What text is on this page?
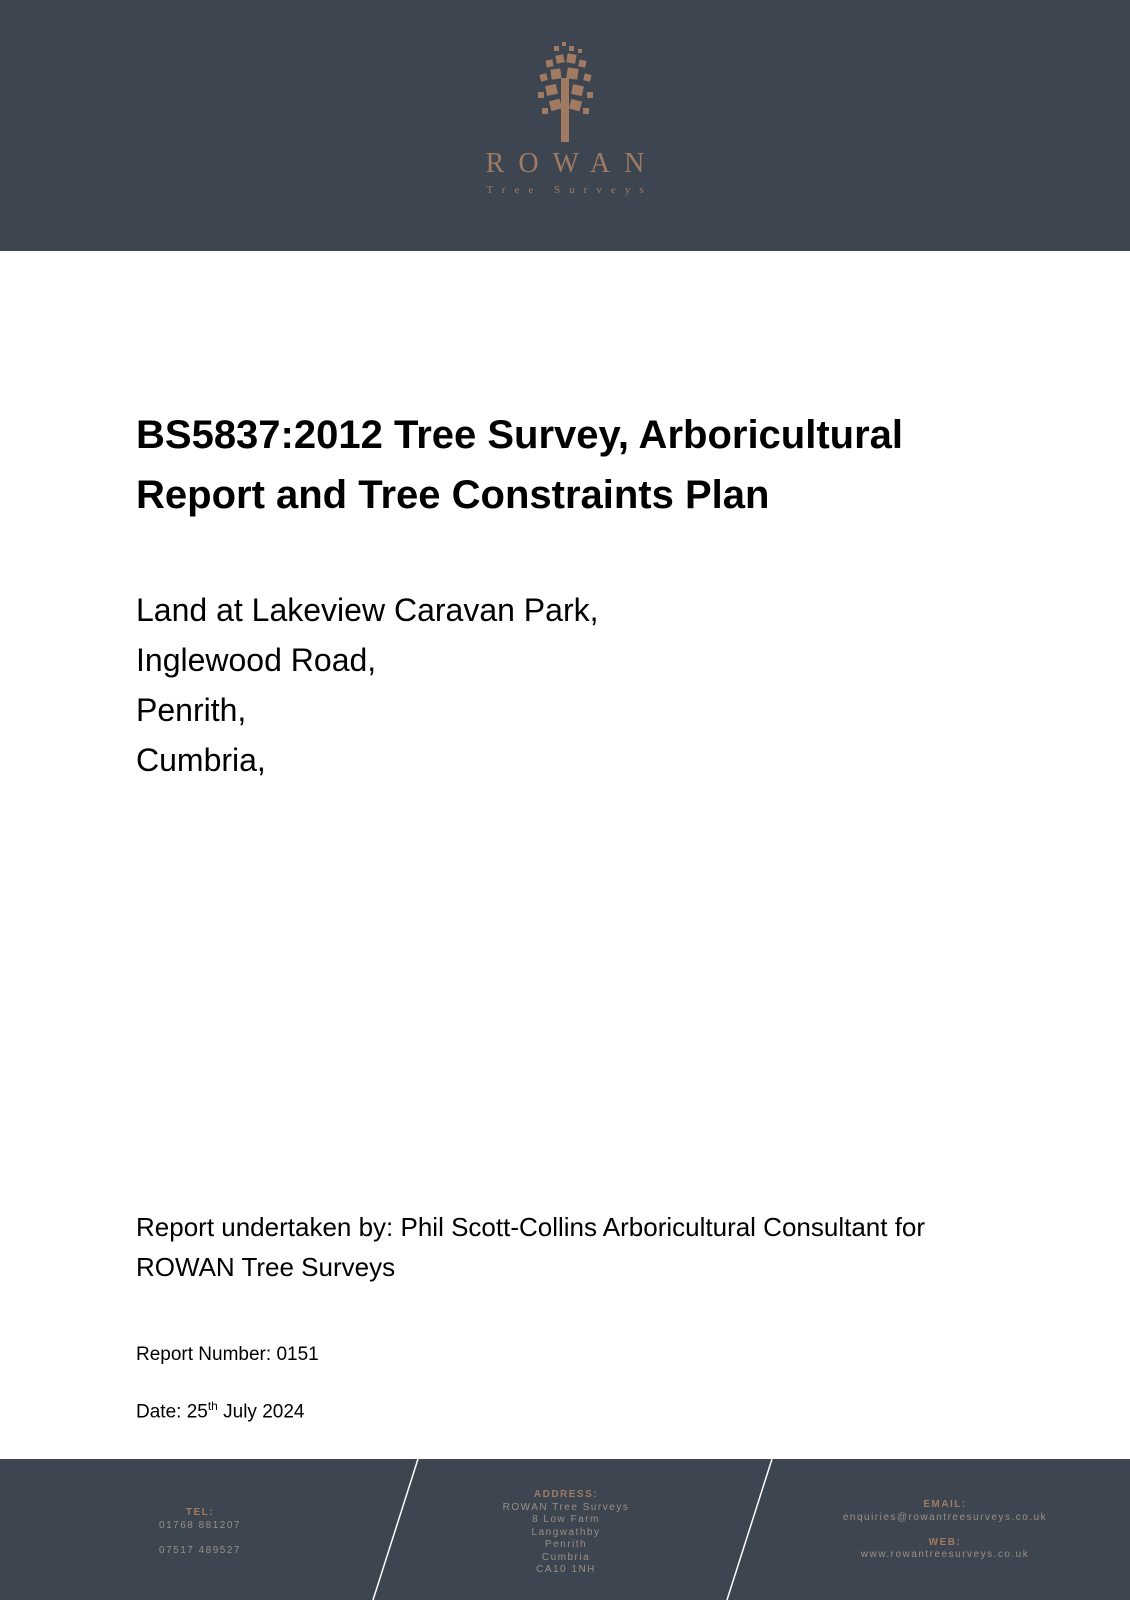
ROWAN
Tree Surveys
BS5837:2012 Tree Survey, Arboricultural
Report and Tree Constraints Plan
Land at Lakeview Caravan Park,
Inglewood Road,
Penrith,
Cumbria,
Report undertaken by: Phil Scott-Collins Arboricultural Consultant for ROWAN Tree Surveys
Report Number: 0151
Date: 25th July 2024
TEL:
01768 881207

07517 489527
ADDRESS:
ROWAN Tree Surveys
8 Low Farm
Langwathby
Penrith
Cumbria
CA10 1NH
EMAIL:
enquiries@rowantreesurveys.co.uk

WEB:
www.rowantreesurveys.co.uk
